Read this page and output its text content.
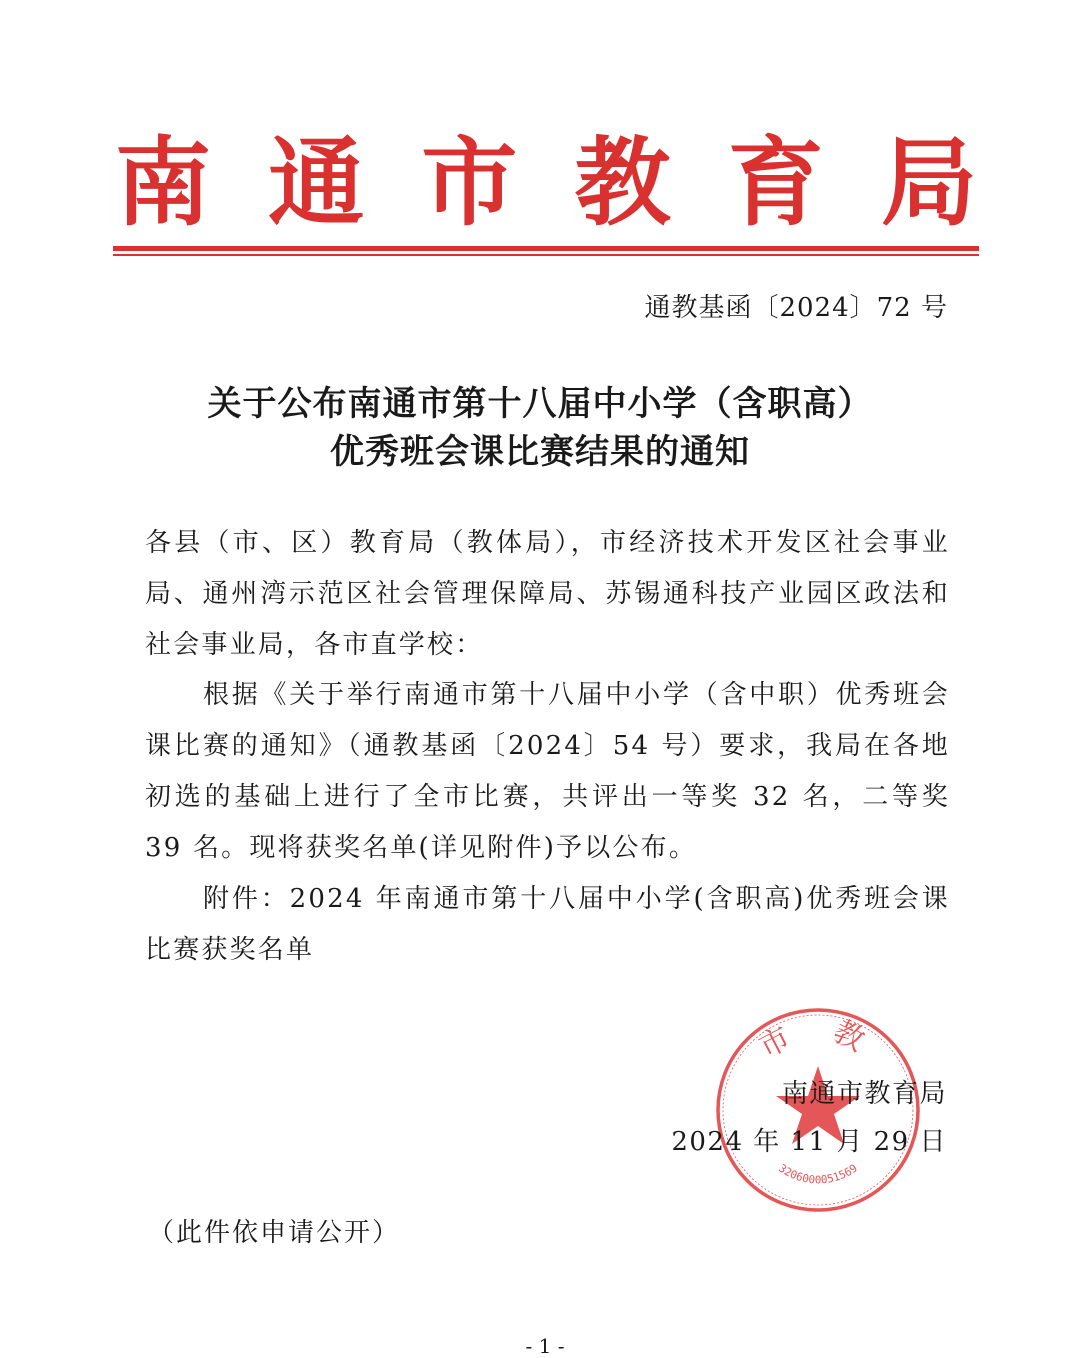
南 通 市 教 育 局
通教基函〔2024〕72 号
关于公布南通市第十八届中小学（含职高）
优秀班会课比赛结果的通知
各县（市、区）教育局（教体局），市经济技术开发区社会事业局、通州湾示范区社会管理保障局、苏锡通科技产业园区政法和社会事业局，各市直学校：
根据《关于举行南通市第十八届中小学（含中职）优秀班会课比赛的通知》（通教基函〔2024〕54 号）要求，我局在各地初选的基础上进行了全市比赛，共评出一等奖 32 名，二等奖 39 名。现将获奖名单(详见附件)予以公布。
附件：2024 年南通市第十八届中小学(含职高)优秀班会课比赛获奖名单
市 教
3206000051569
南通市教育局
2024 年 11 月 29 日
（此件依申请公开）
- 1 -
